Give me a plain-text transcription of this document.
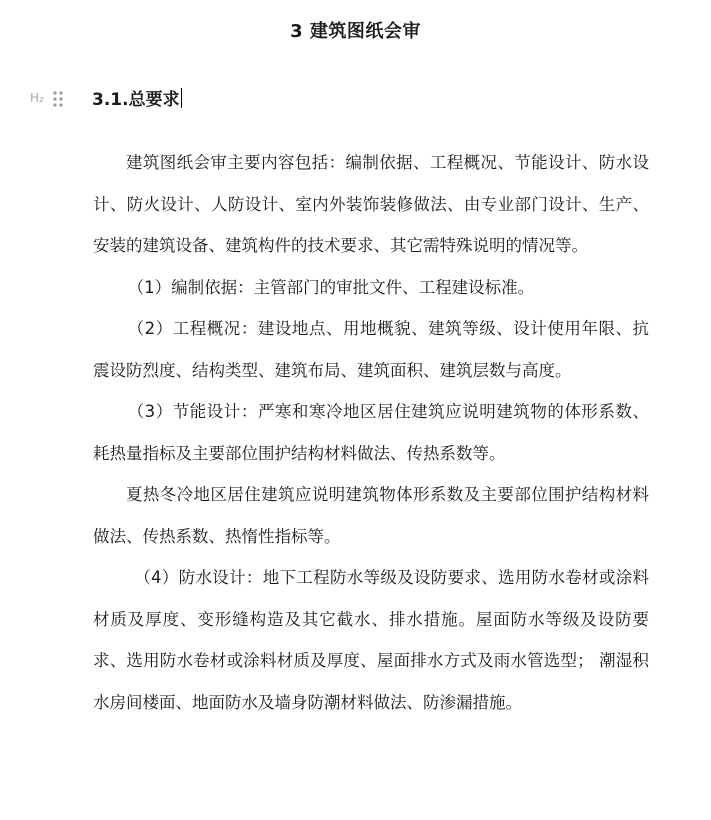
3 建筑图纸会审
H₂	3.1.总要求

建筑图纸会审主要内容包括：编制依据、工程概况、节能设计、防水设计、防火设计、人防设计、室内外装饰装修做法、由专业部门设计、生产、安装的建筑设备、建筑构件的技术要求、其它需特殊说明的情况等。

（1）编制依据：主管部门的审批文件、工程建设标准。

（2）工程概况：建设地点、用地概貌、建筑等级、设计使用年限、抗震设防烈度、结构类型、建筑布局、建筑面积、建筑层数与高度。

（3）节能设计：严寒和寒冷地区居住建筑应说明建筑物的体形系数、耗热量指标及主要部位围护结构材料做法、传热系数等。

夏热冬冷地区居住建筑应说明建筑物体形系数及主要部位围护结构材料做法、传热系数、热惰性指标等。

（4）防水设计：地下工程防水等级及设防要求、选用防水卷材或涂料材质及厚度、变形缝构造及其它截水、排水措施。屋面防水等级及设防要求、选用防水卷材或涂料材质及厚度、屋面排水方式及雨水管选型； 潮湿积水房间楼面、地面防水及墙身防潮材料做法、防渗漏措施。
